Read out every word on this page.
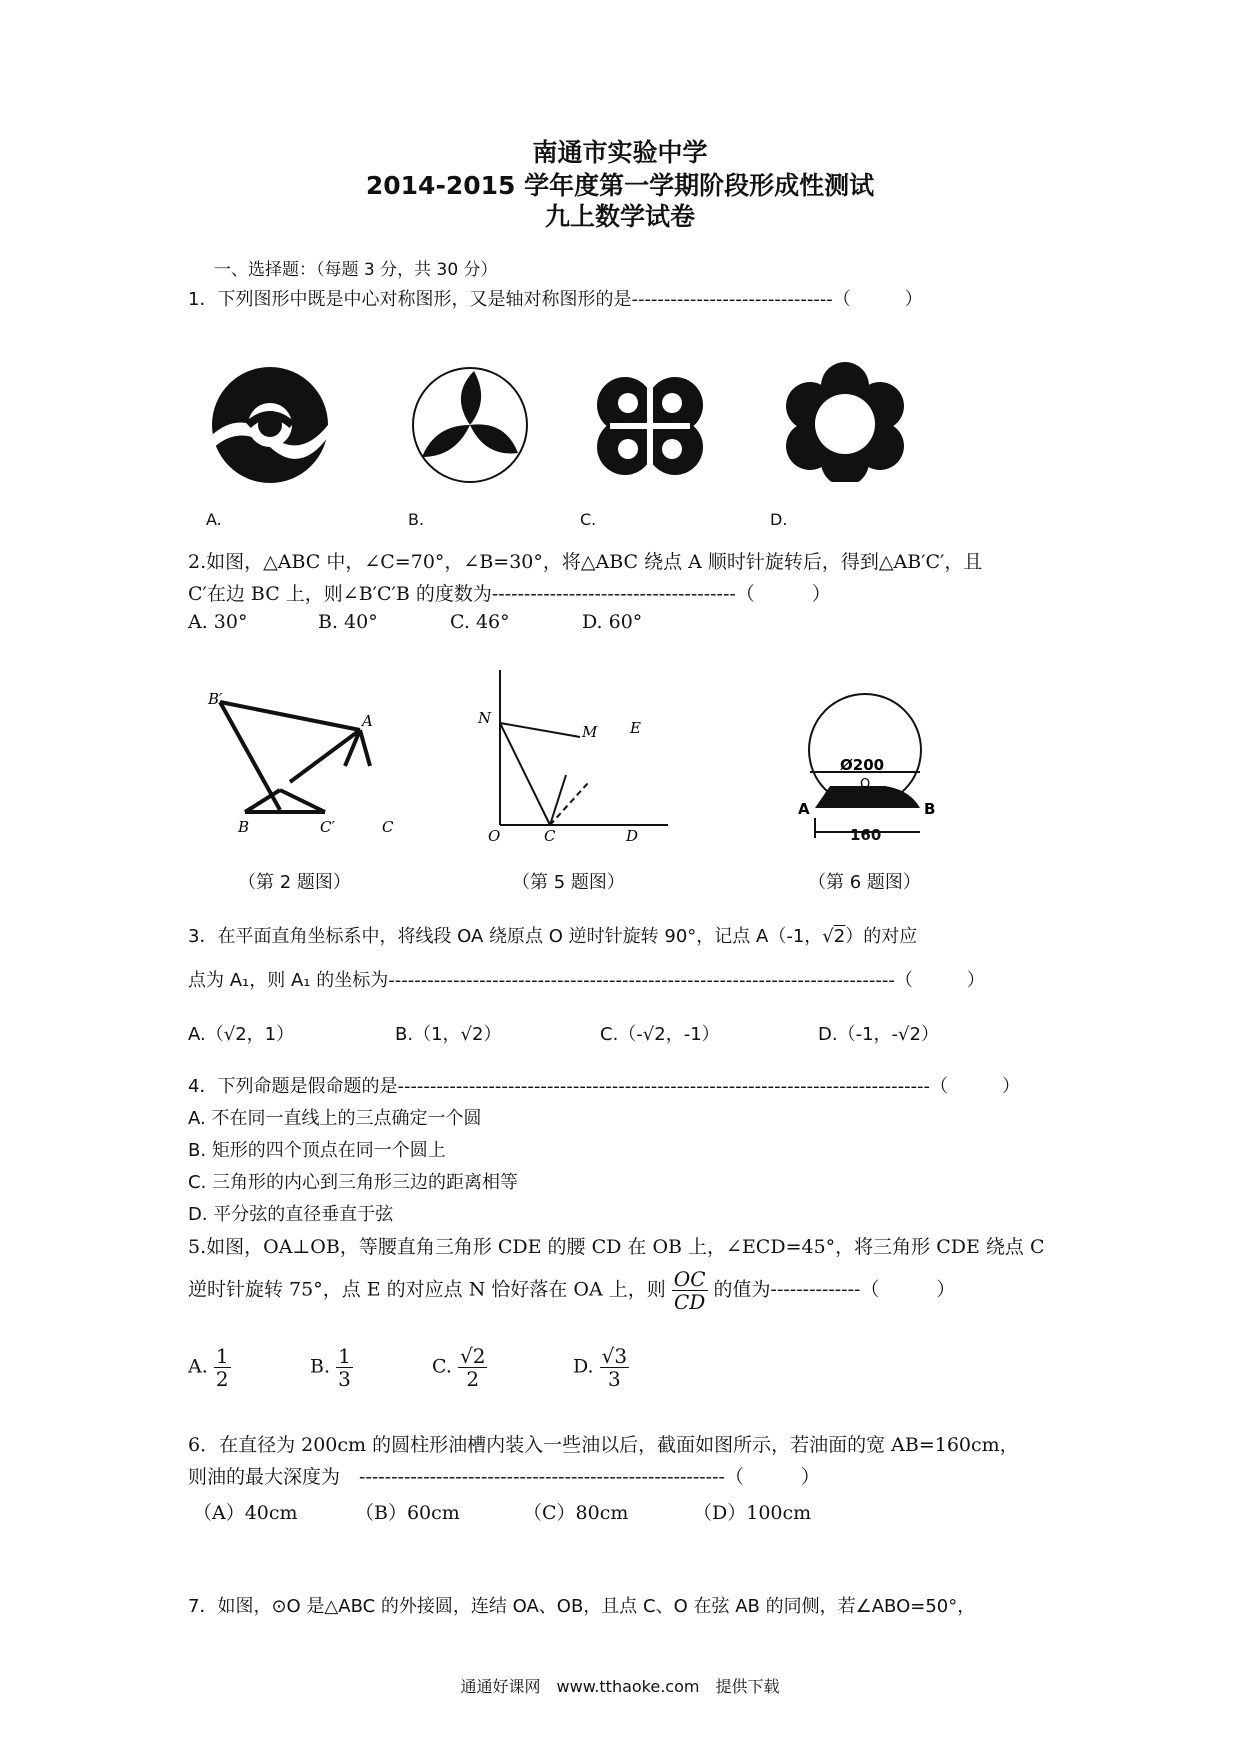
南通市实验中学
2014-2015 学年度第一学期阶段形成性测试
九上数学试卷
一、选择题：（每题 3 分，共 30 分）
1．下列图形中既是中心对称图形，又是轴对称图形的是-------------------------------（　　　）
A.	B.	C.	D.
2.如图，△ABC 中，∠C=70°，∠B=30°，将△ABC 绕点 A 顺时针旋转后，得到△AB′C′，且
C′在边 BC 上，则∠B′C′B 的度数为--------------------------------------（　　　）
A. 30°	B. 40°	C. 46°	D. 60°
B′
A
B	C′	C
N
M E
O	C	D
Ø200
O
A	B
160
（第 2 题图）	（第 5 题图）	（第 6 题图）
3．在平面直角坐标系中，将线段 OA 绕原点 O 逆时针旋转 90°，记点 A（-1，√2）的对应
点为 A₁，则 A₁ 的坐标为------------------------------------------------------------------------------（　　　）
A.（√2，1）	B.（1，√2）	C.（-√2，-1）	D.（-1，-√2）
4．下列命题是假命题的是----------------------------------------------------------------------------------（　　　）
A. 不在同一直线上的三点确定一个圆
B. 矩形的四个顶点在同一个圆上
C. 三角形的内心到三角形三边的距离相等
D. 平分弦的直径垂直于弦
5.如图，OA⊥OB，等腰直角三角形 CDE 的腰 CD 在 OB 上，∠ECD=45°，将三角形 CDE 绕点 C
逆时针旋转 75°，点 E 的对应点 N 恰好落在 OA 上，则 $\frac{OC}{CD}$ 的值为--------------（　　　）
A. $\frac{1}{2}$	B. $\frac{1}{3}$	C. $\frac{√2}{2}$	D. $\frac{√3}{3}$
6．在直径为 200cm 的圆柱形油槽内装入一些油以后，截面如图所示，若油面的宽 AB=160cm，
则油的最大深度为　---------------------------------------------------------（　　　）
（A）40cm	（B）60cm	（C）80cm	（D）100cm
7．如图，⊙O 是△ABC 的外接圆，连结 OA、OB，且点 C、O 在弦 AB 的同侧，若∠ABO=50°，
通通好课网　www.tthaoke.com　提供下载
